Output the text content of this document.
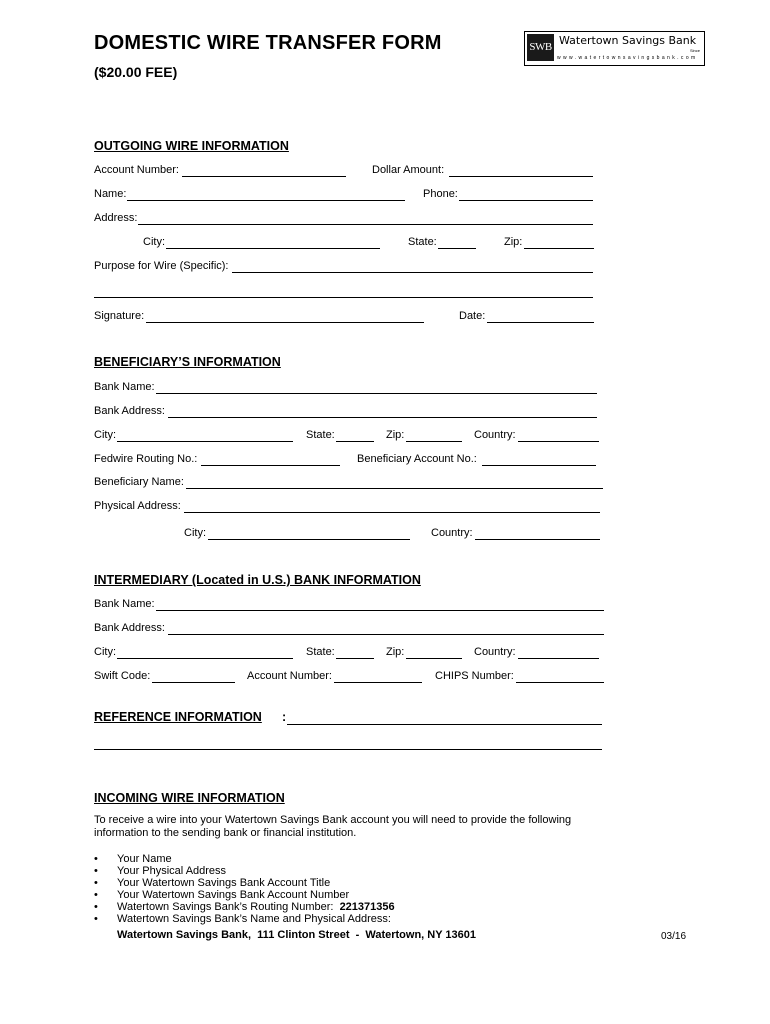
DOMESTIC WIRE TRANSFER FORM
($20.00 FEE)
SWB Watertown Savings Bank
Since
www.watertownsavingsbank.com
OUTGOING WIRE INFORMATION
Account Number:	Dollar Amount:
Name:	Phone:
Address:
City:	State:	Zip:
Purpose for Wire (Specific):
Signature:	Date:
BENEFICIARY’S INFORMATION
Bank Name:
Bank Address:
City:	State:	Zip:	Country:
Fedwire Routing No.:	Beneficiary Account No.:
Beneficiary Name:
Physical Address:
City:	Country:
INTERMEDIARY (Located in U.S.) BANK INFORMATION
Bank Name:
Bank Address:
City:	State:	Zip:	Country:
Swift Code:	Account Number:	CHIPS Number:
REFERENCE INFORMATION :
INCOMING WIRE INFORMATION
To receive a wire into your Watertown Savings Bank account you will need to provide the following
information to the sending bank or financial institution.
• Your Name
• Your Physical Address
• Your Watertown Savings Bank Account Title
• Your Watertown Savings Bank Account Number
• Watertown Savings Bank’s Routing Number: 221371356
• Watertown Savings Bank’s Name and Physical Address:
Watertown Savings Bank,  111 Clinton Street  -  Watertown, NY 13601	03/16
